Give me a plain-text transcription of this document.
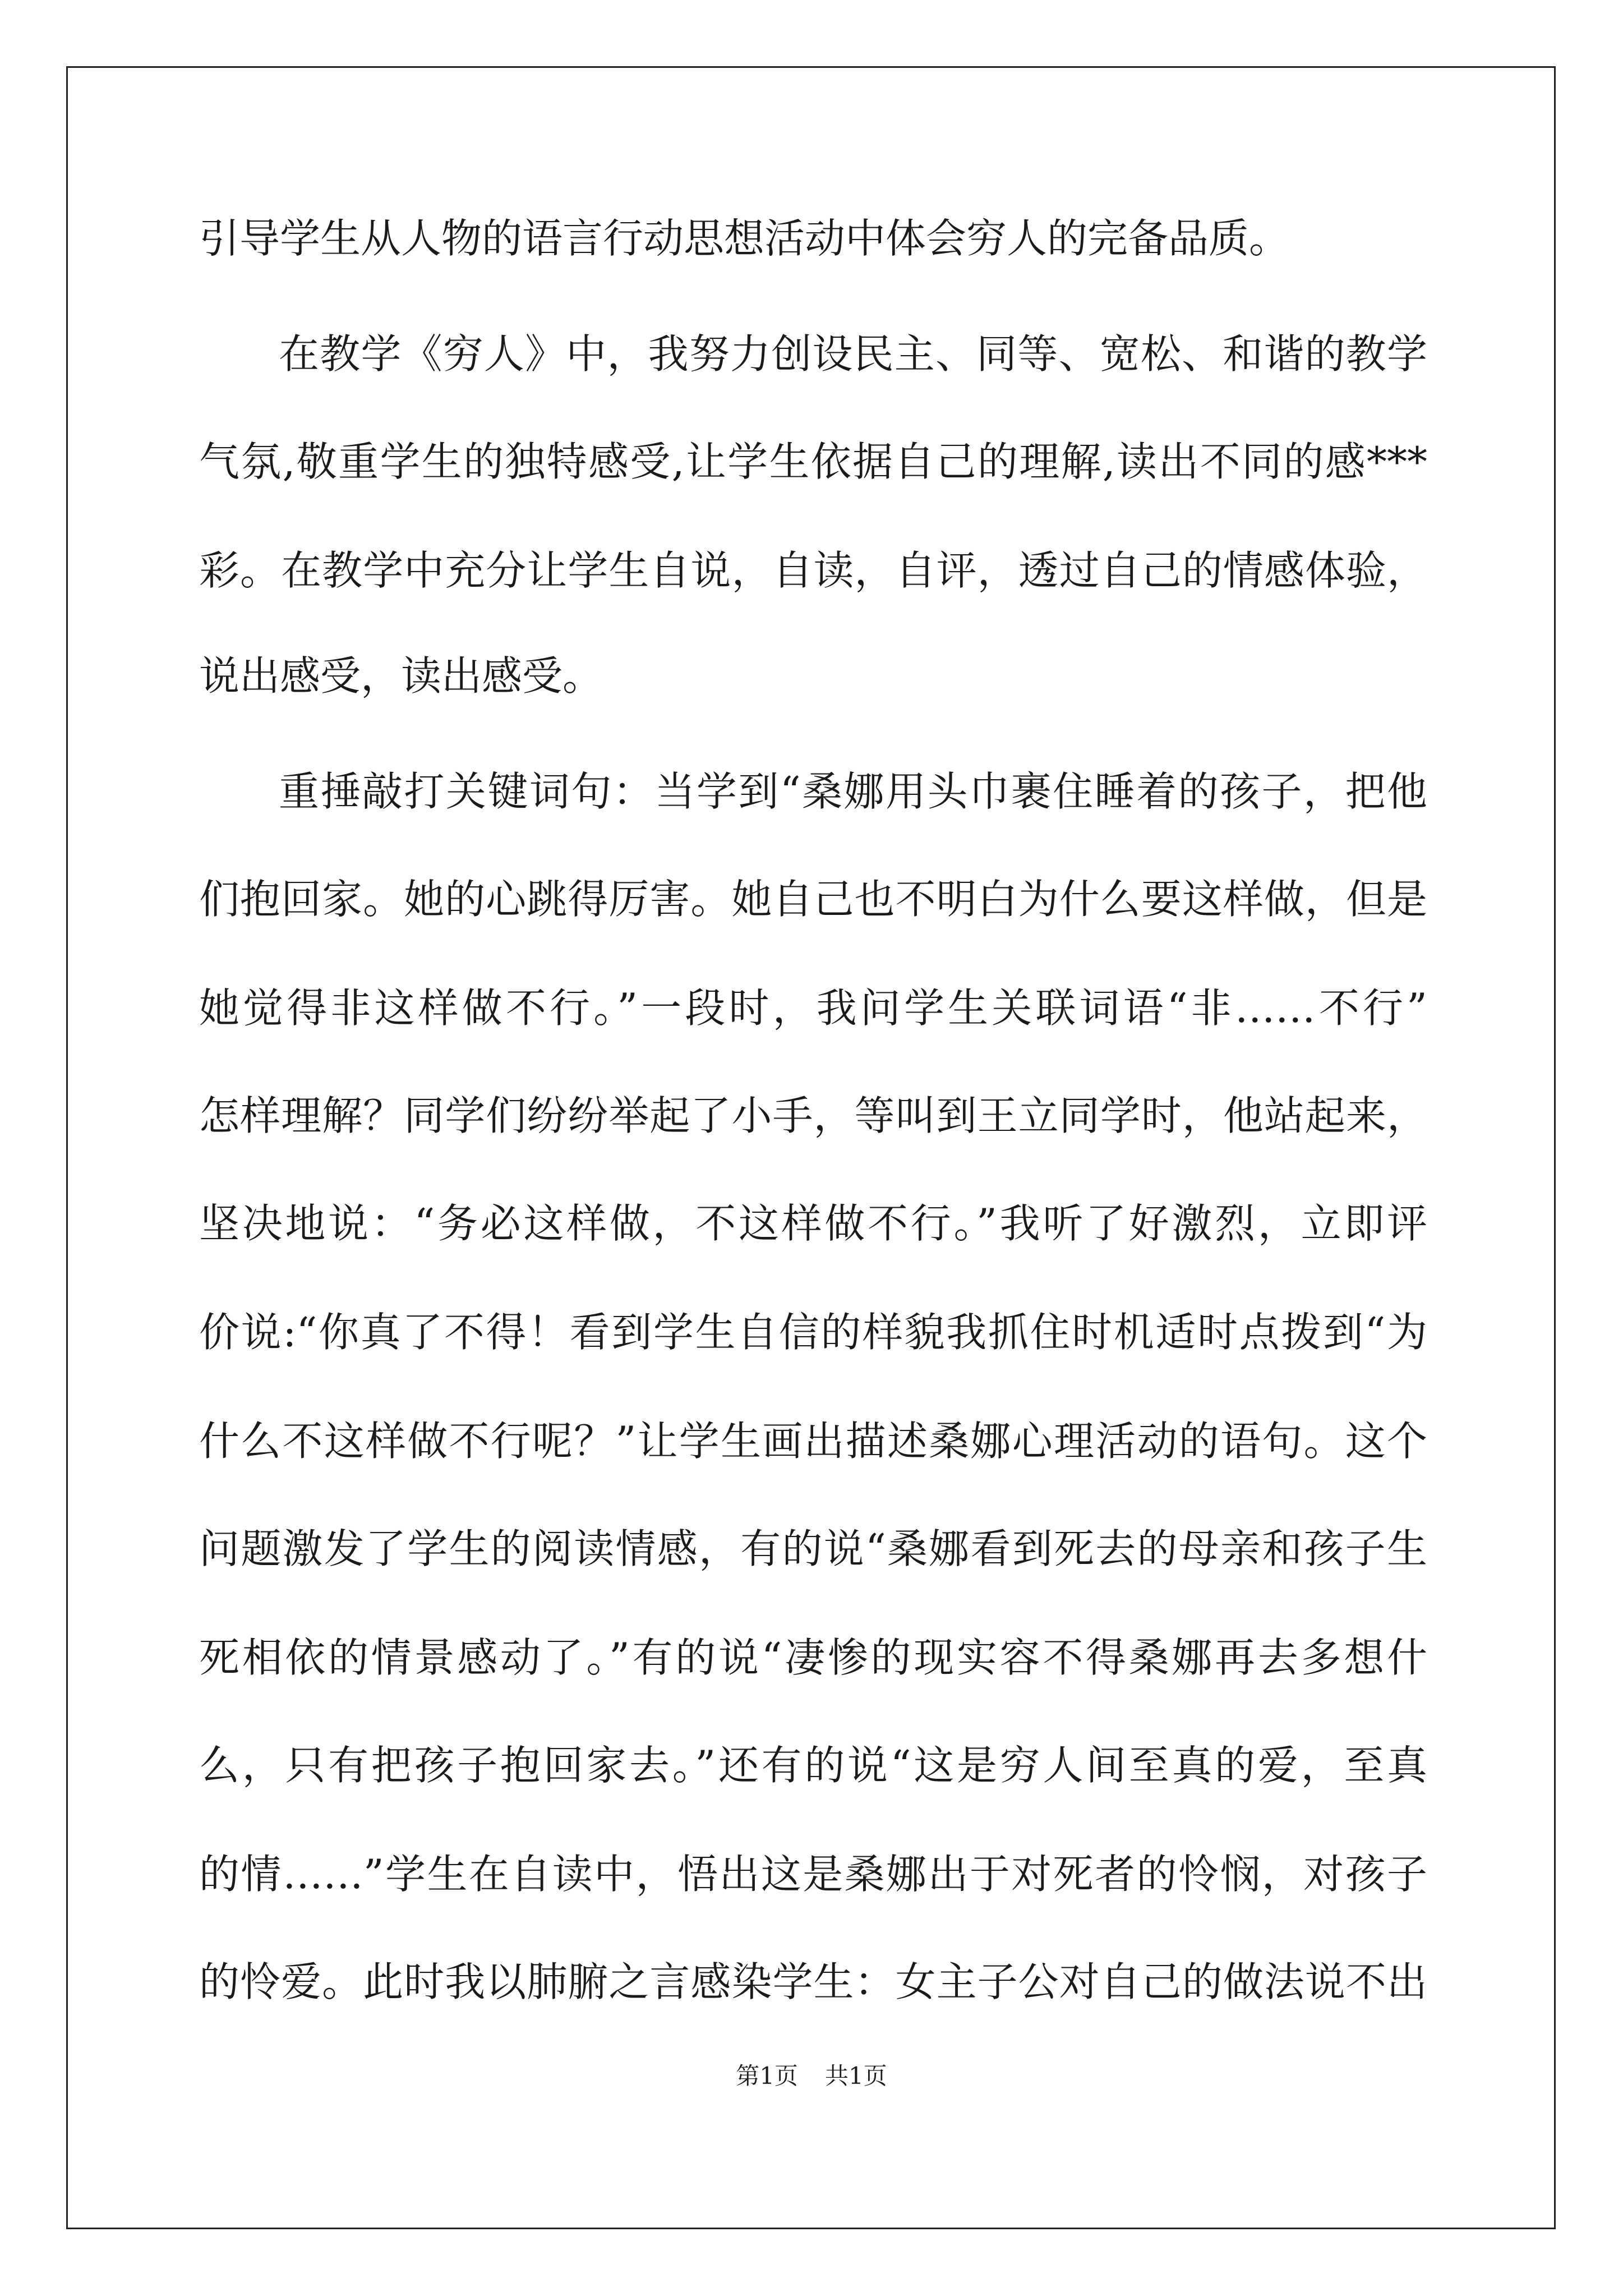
引导学生从人物的语言行动思想活动中体会穷人的完备品质。

在教学《穷人》中，我努力创设民主、同等、宽松、和谐的教学

气氛,敬重学生的独特感受,让学生依据自己的理解,读出不同的感***

彩。在教学中充分让学生自说，自读，自评，透过自己的情感体验，

说出感受，读出感受。

重捶敲打关键词句：当学到“桑娜用头巾裹住睡着的孩子，把他

们抱回家。她的心跳得厉害。她自己也不明白为什么要这样做，但是

她觉得非这样做不行。”一段时，我问学生关联词语“非……不行”

怎样理解？同学们纷纷举起了小手，等叫到王立同学时，他站起来，

坚决地说：“务必这样做，不这样做不行。”我听了好激烈，立即评

价说:“你真了不得！看到学生自信的样貌我抓住时机适时点拨到“为

什么不这样做不行呢？”让学生画出描述桑娜心理活动的语句。这个

问题激发了学生的阅读情感，有的说“桑娜看到死去的母亲和孩子生

死相依的情景感动了。”有的说“凄惨的现实容不得桑娜再去多想什

么，只有把孩子抱回家去。”还有的说“这是穷人间至真的爱，至真

的情……”学生在自读中，悟出这是桑娜出于对死者的怜悯，对孩子

的怜爱。此时我以肺腑之言感染学生：女主子公对自己的做法说不出

第1页 共1页
